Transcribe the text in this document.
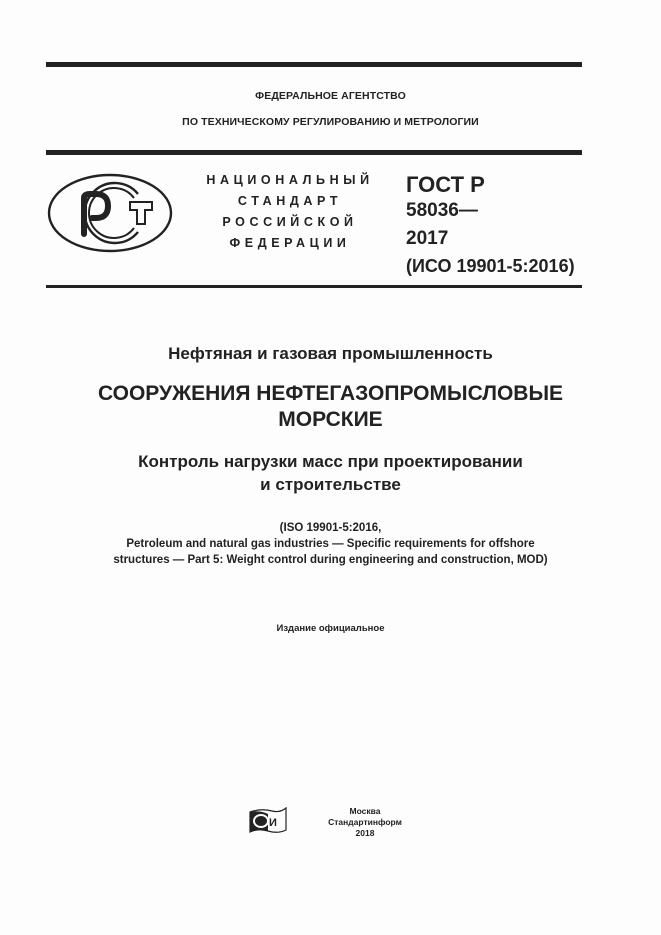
ФЕДЕРАЛЬНОЕ АГЕНТСТВО
ПО ТЕХНИЧЕСКОМУ РЕГУЛИРОВАНИЮ И МЕТРОЛОГИИ
НАЦИОНАЛЬНЫЙ
СТАНДАРТ
РОССИЙСКОЙ
ФЕДЕРАЦИИ
ГОСТ Р
58036—
2017
(ИСО 19901-5:2016)
Нефтяная и газовая промышленность
СООРУЖЕНИЯ НЕФТЕГАЗОПРОМЫСЛОВЫЕ
МОРСКИЕ
Контроль нагрузки масс при проектировании
и строительстве
(ISO 19901-5:2016,
Petroleum and natural gas industries — Specific requirements for offshore
structures — Part 5: Weight control during engineering and construction, MOD)
Издание официальное
И
Москва
Стандартинформ
2018
